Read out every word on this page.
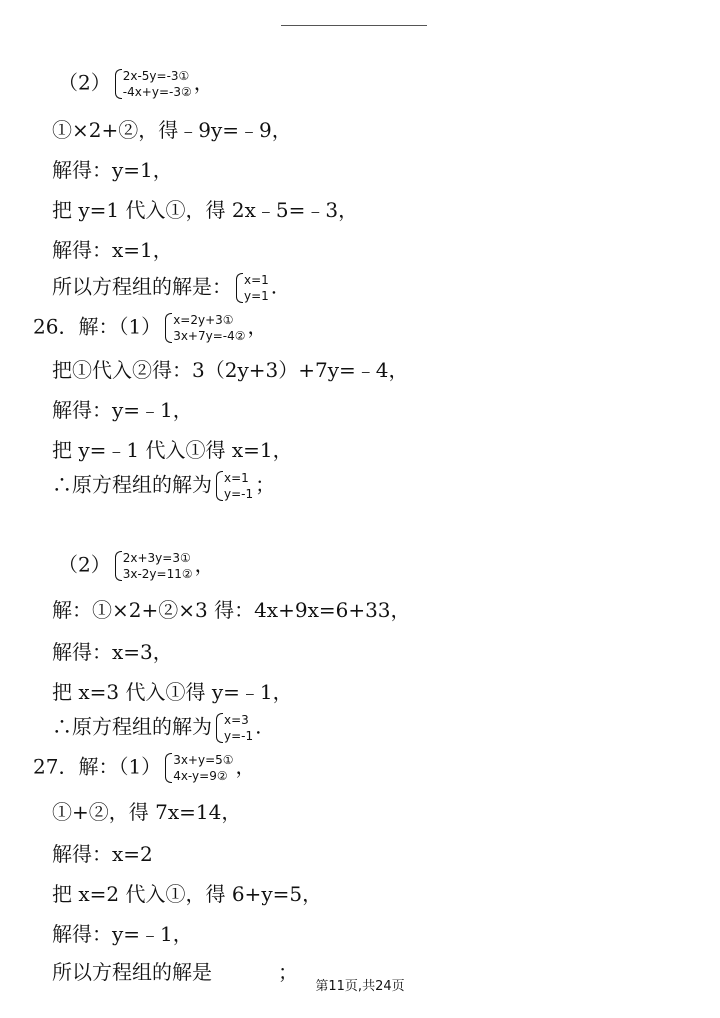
（2） 2x-5y=-3①
-4x+y=-3② ，
①×2+②，得﹣9y=﹣9，
解得：y=1，
把 y=1 代入①，得 2x﹣5=﹣3，
解得：x=1，
所以方程组的解是： x=1
y=1 .
26．解：（1） x=2y+3①
3x+7y=-4② ，
把①代入②得：3（2y+3）+7y=﹣4，
解得：y=﹣1，
把 y=﹣1 代入①得 x=1，
∴原方程组的解为 x=1
y=-1 ；
（2） 2x+3y=3①
3x-2y=11② ，
解：①×2+②×3 得：4x+9x=6+33，
解得：x=3，
把 x=3 代入①得 y=﹣1，
∴原方程组的解为 x=3
y=-1 .
27．解：（1） 3x+y=5①
4x-y=9② ，
①+②，得 7x=14，
解得：x=2
把 x=2 代入①，得 6+y=5，
解得：y=﹣1，
所以方程组的解是	；
第11页,共24页
